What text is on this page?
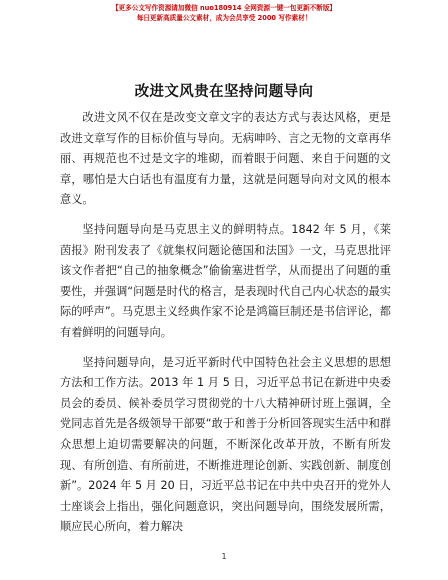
【更多公文写作资源请加微信 nuo180914 全网资源一键一包更新不断版】
每日更新高质量公文素材，成为会员享受 2000 写作素材！
改进文风贵在坚持问题导向

改进文风不仅在是改变文章文字的表达方式与表达风格，更是改进文章写作的目标价值与导向。无病呻吟、言之无物的文章再华丽、再规范也不过是文字的堆砌，而着眼于问题、来自于问题的文章，哪怕是大白话也有温度有力量，这就是问题导向对文风的根本意义。

坚持问题导向是马克思主义的鲜明特点。1842 年 5 月，《莱茵报》附刊发表了《就集权问题论德国和法国》一文，马克思批评该文作者把“自己的抽象概念”偷偷塞进哲学，从而提出了问题的重要性，并强调“问题是时代的格言，是表现时代自己内心状态的最实际的呼声”。马克思主义经典作家不论是鸿篇巨制还是书信评论，都有着鲜明的问题导向。

坚持问题导向，是习近平新时代中国特色社会主义思想的思想方法和工作方法。2013 年 1 月 5 日，习近平总书记在新进中央委员会的委员、候补委员学习贯彻党的十八大精神研讨班上强调，全党同志首先是各级领导干部要“敢于和善于分析回答现实生活中和群众思想上迫切需要解决的问题，不断深化改革开放，不断有所发现、有所创造、有所前进，不断推进理论创新、实践创新、制度创新”。2024 年 5 月 20 日，习近平总书记在中共中央召开的党外人士座谈会上指出，强化问题意识，突出问题导向，围绕发展所需，顺应民心所向，着力解决

1
